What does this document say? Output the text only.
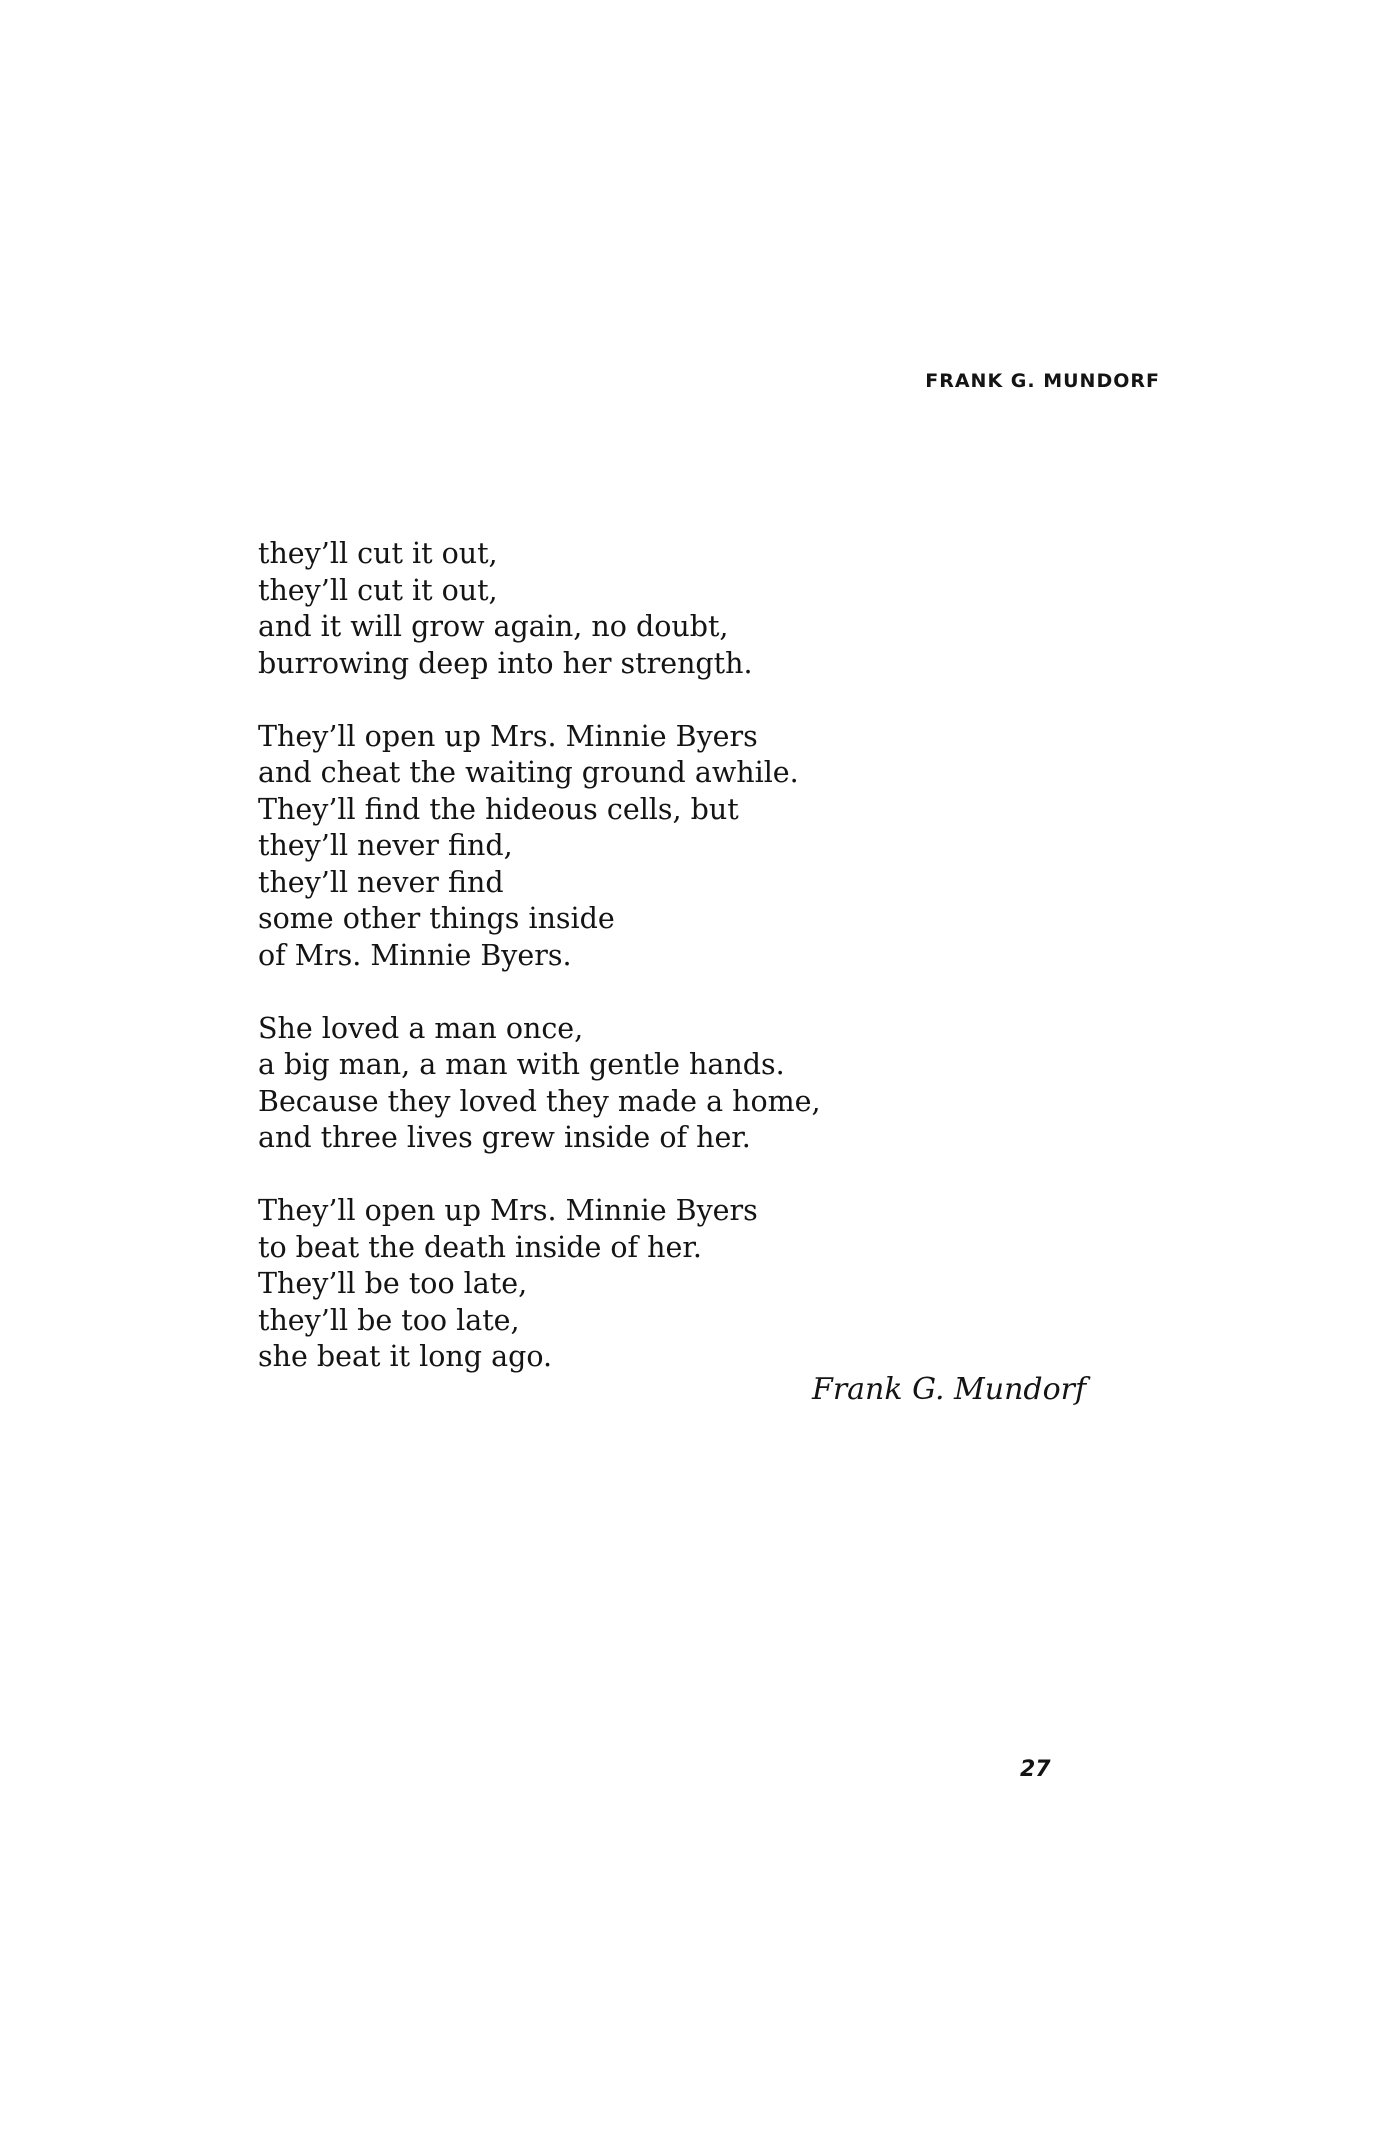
FRANK G. MUNDORF
they’ll cut it out,
they’ll cut it out,
and it will grow again, no doubt,
burrowing deep into her strength.
They’ll open up Mrs. Minnie Byers
and cheat the waiting ground awhile.
They’ll find the hideous cells, but
they’ll never find,
they’ll never find
some other things inside
of Mrs. Minnie Byers.
She loved a man once,
a big man, a man with gentle hands.
Because they loved they made a home,
and three lives grew inside of her.
They’ll open up Mrs. Minnie Byers
to beat the death inside of her.
They’ll be too late,
they’ll be too late,
she beat it long ago.
Frank G. Mundorf
27
